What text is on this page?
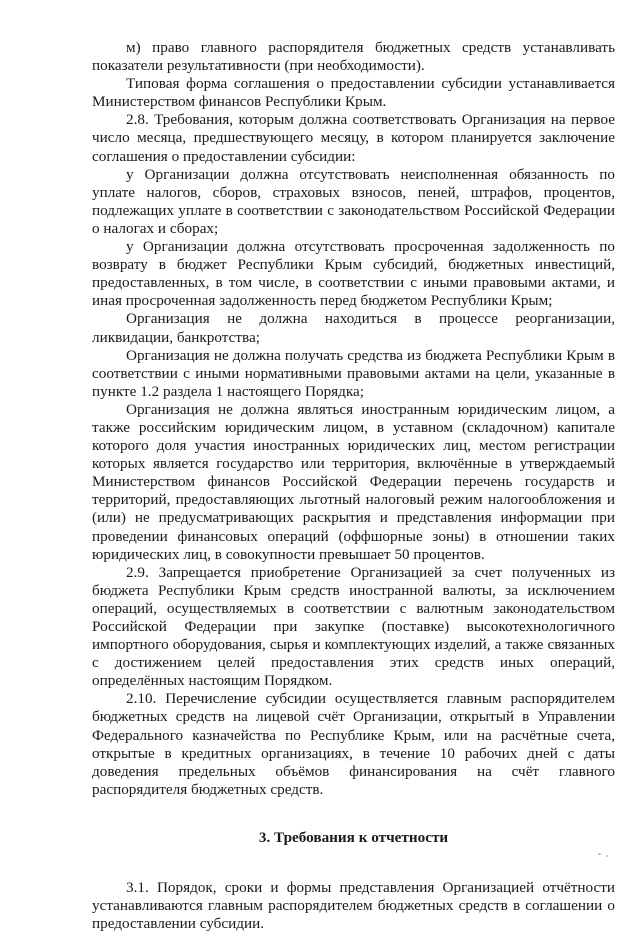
м) право главного распорядителя бюджетных средств устанавливать показатели результативности (при необходимости).

Типовая форма соглашения о предоставлении субсидии устанавливается Министерством финансов Республики Крым.

2.8. Требования, которым должна соответствовать Организация на первое число месяца, предшествующего месяцу, в котором планируется заключение соглашения о предоставлении субсидии:

у Организации должна отсутствовать неисполненная обязанность по уплате налогов, сборов, страховых взносов, пеней, штрафов, процентов, подлежащих уплате в соответствии с законодательством Российской Федерации о налогах и сборах;

у Организации должна отсутствовать просроченная задолженность по возврату в бюджет Республики Крым субсидий, бюджетных инвестиций, предоставленных, в том числе, в соответствии с иными правовыми актами, и иная просроченная задолженность перед бюджетом Республики Крым;

Организация не должна находиться в процессе реорганизации, ликвидации, банкротства;

Организация не должна получать средства из бюджета Республики Крым в соответствии с иными нормативными правовыми актами на цели, указанные в пункте 1.2 раздела 1 настоящего Порядка;

Организация не должна являться иностранным юридическим лицом, а также российским юридическим лицом, в уставном (складочном) капитале которого доля участия иностранных юридических лиц, местом регистрации которых является государство или территория, включённые в утверждаемый Министерством финансов Российской Федерации перечень государств и территорий, предоставляющих льготный налоговый режим налогообложения и (или) не предусматривающих раскрытия и представления информации при проведении финансовых операций (оффшорные зоны) в отношении таких юридических лиц, в совокупности превышает 50 процентов.

2.9. Запрещается приобретение Организацией за счет полученных из бюджета Республики Крым средств иностранной валюты, за исключением операций, осуществляемых в соответствии с валютным законодательством Российской Федерации при закупке (поставке) высокотехнологичного импортного оборудования, сырья и комплектующих изделий, а также связанных с достижением целей предоставления этих средств иных операций, определённых настоящим Порядком.

2.10. Перечисление субсидии осуществляется главным распорядителем бюджетных средств на лицевой счёт Организации, открытый в Управлении Федерального казначейства по Республике Крым, или на расчётные счета, открытые в кредитных организациях, в течение 10 рабочих дней с даты доведения предельных объёмов финансирования на счёт главного распорядителя бюджетных средств.

3. Требования к отчетности

3.1. Порядок, сроки и формы представления Организацией отчётности устанавливаются главным распорядителем бюджетных средств в соглашении о предоставлении субсидии.
